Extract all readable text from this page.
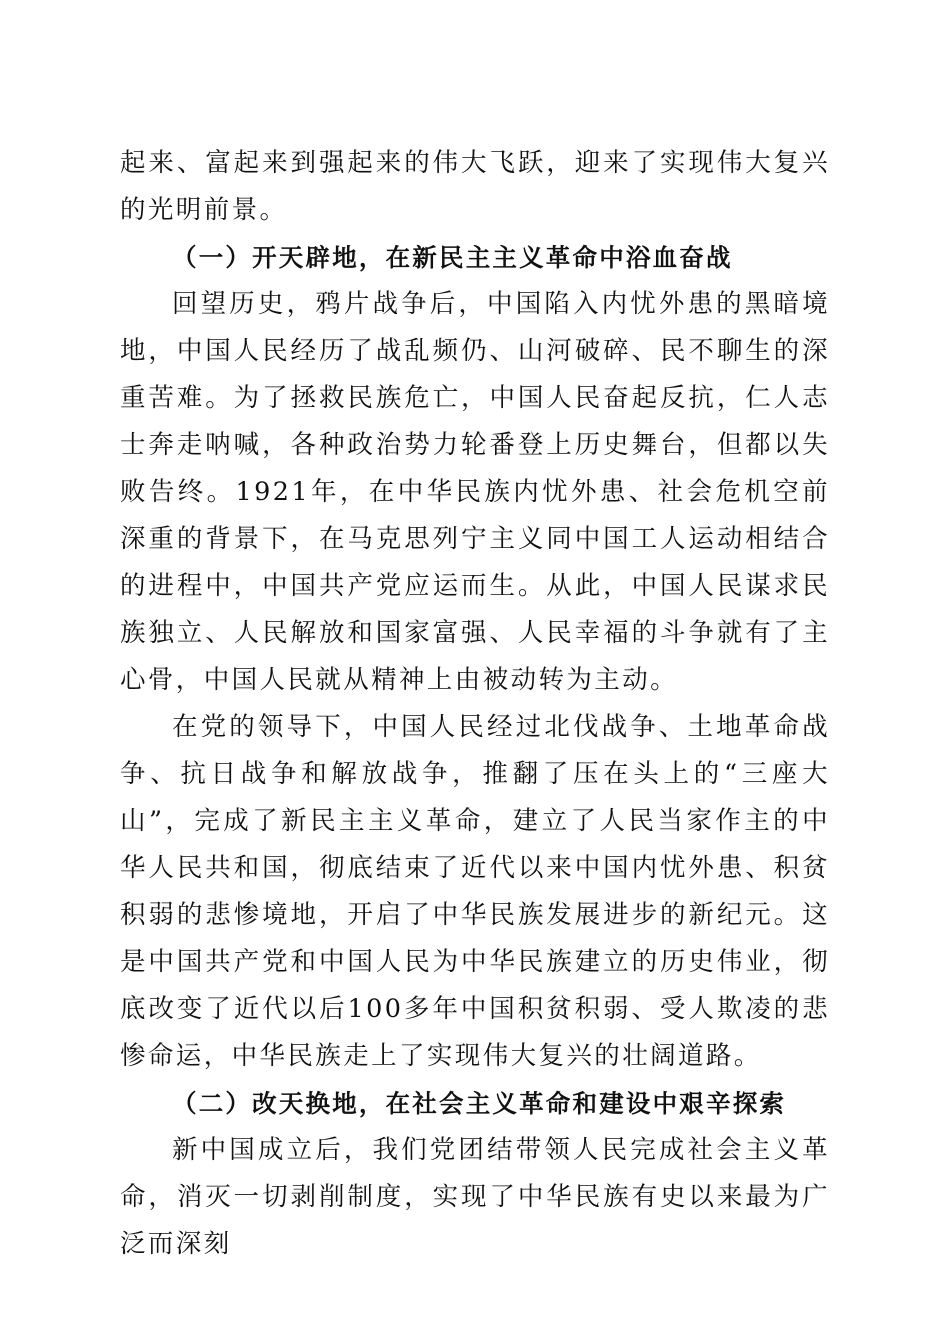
起来、富起来到强起来的伟大飞跃，迎来了实现伟大复兴的光明前景。

（一）开天辟地，在新民主主义革命中浴血奋战

回望历史，鸦片战争后，中国陷入内忧外患的黑暗境地，中国人民经历了战乱频仍、山河破碎、民不聊生的深重苦难。为了拯救民族危亡，中国人民奋起反抗，仁人志士奔走呐喊，各种政治势力轮番登上历史舞台，但都以失败告终。1921年，在中华民族内忧外患、社会危机空前深重的背景下，在马克思列宁主义同中国工人运动相结合的进程中，中国共产党应运而生。从此，中国人民谋求民族独立、人民解放和国家富强、人民幸福的斗争就有了主心骨，中国人民就从精神上由被动转为主动。

在党的领导下，中国人民经过北伐战争、土地革命战争、抗日战争和解放战争，推翻了压在头上的“三座大山”，完成了新民主主义革命，建立了人民当家作主的中华人民共和国，彻底结束了近代以来中国内忧外患、积贫积弱的悲惨境地，开启了中华民族发展进步的新纪元。这是中国共产党和中国人民为中华民族建立的历史伟业，彻底改变了近代以后100多年中国积贫积弱、受人欺凌的悲惨命运，中华民族走上了实现伟大复兴的壮阔道路。

（二）改天换地，在社会主义革命和建设中艰辛探索

新中国成立后，我们党团结带领人民完成社会主义革命，消灭一切剥削制度，实现了中华民族有史以来最为广泛而深刻
